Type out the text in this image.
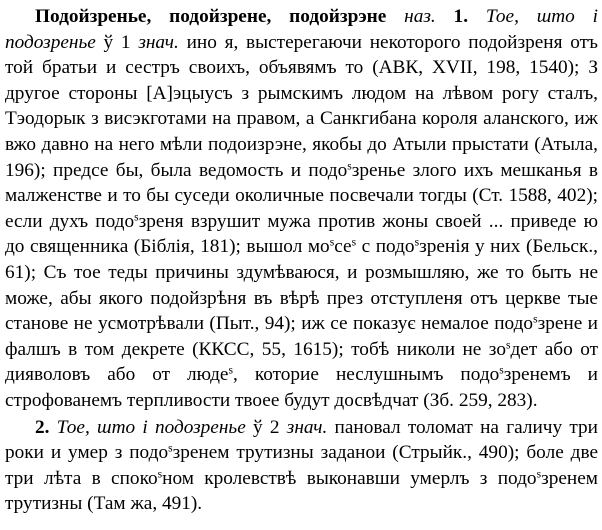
Подойзренье, подойзрене, подойзрэне наз. 1. Тое, што і подозренье ў 1 знач. ино я, выстерегаючи некоторого подойзреня отъ той братьи и сестръ своихъ, объявямъ то (АВК, XVII, 198, 1540); З другое стороны [А]эцыусъ з рымскимъ людом на лѣвом рогу сталъ, Тэодорык з висэкготами на правом, а Санкгибана короля аланского, иж вжо давно на него мѣли подоизрэне, якобы до Атыли прыстати (Атыла, 196); предсе бы, была ведомость и подо$^s$зренье злого ихъ мешканья в малженстве и то бы суседи околичные посвечали тогды (Ст. 1588, 402); если духъ подо$^s$зреня взрушит мужа против жоны своей ... приведе ю до священника (Біблія, 181); вышол $мо^sсе^s$ с подо$^s$зренія у них (Бельск., 61); Съ тое теды причины здумѣваюся, и розмышляю, же то быть не може, абы якого подойзрѣня въ вѣрѣ през отступленя отъ церкве тые станове не усмотрѣвали (Пыт., 94); иж се показує немалое подо$^s$зрене и фалшъ в том декрете (ККСС, 55, 1615); тобѣ николи не $зо^sдет$ або от дияволовъ або от люде$^s$, которие неслушнымъ подо$^s$зренемъ и строфованемъ терпливости твоее будут досвѣдчат (Зб. 259, 283).

2. Тое, што і подозренье ў 2 знач. пановал толомат на галичу три роки и умер з подо$^s$зренем трутизны заданои (Стрыйк., 490); боле две три лѣта в споко$^s$ном кролевствѣ выконавши умерлъ з подо$^s$зренем трутизны (Там жа, 491).
